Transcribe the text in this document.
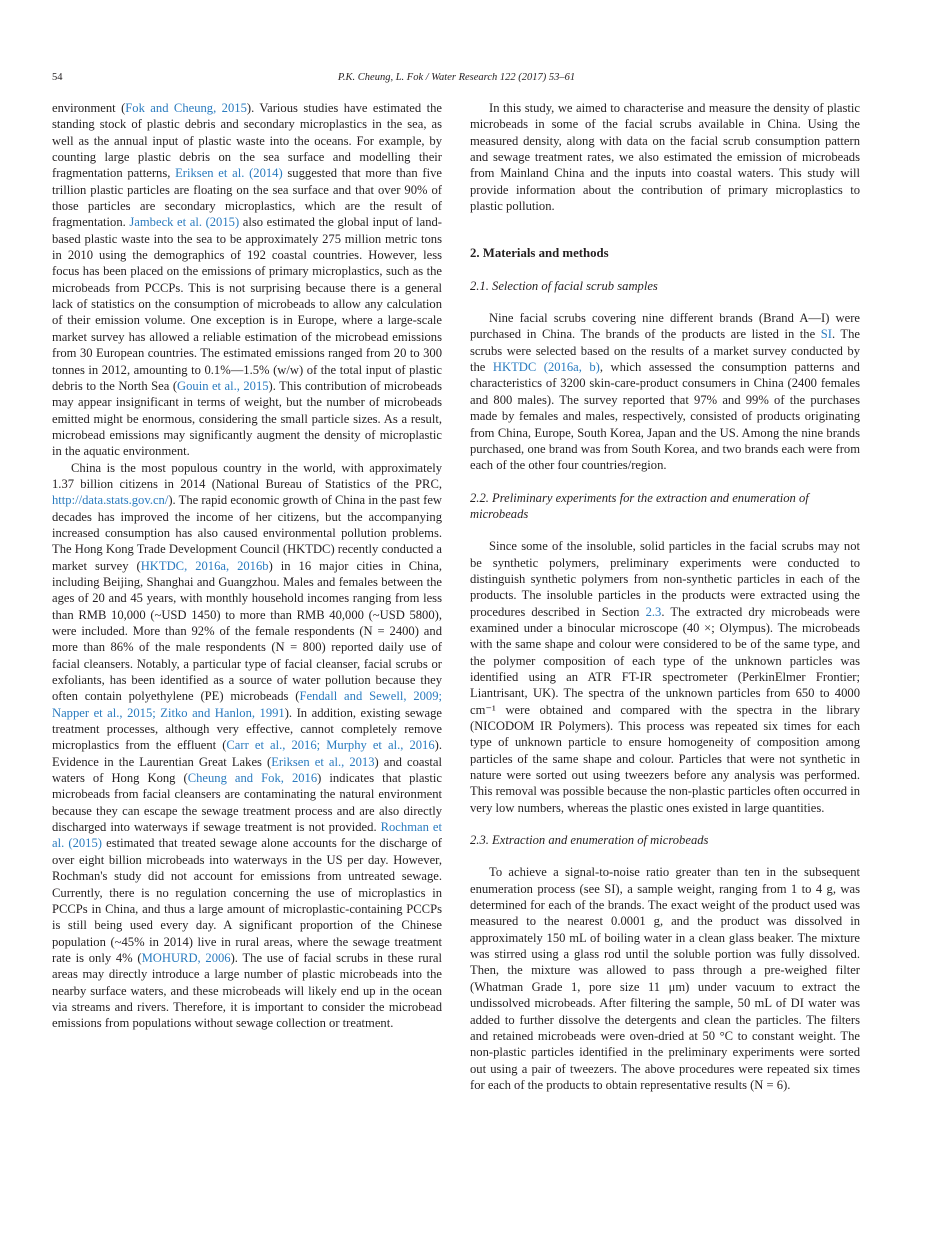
54	P.K. Cheung, L. Fok / Water Research 122 (2017) 53–61

environment (Fok and Cheung, 2015). Various studies have estimated the standing stock of plastic debris and secondary microplastics in the sea, as well as the annual input of plastic waste into the oceans. For example, by counting large plastic debris on the sea surface and modelling their fragmentation patterns, Eriksen et al. (2014) suggested that more than five trillion plastic particles are floating on the sea surface and that over 90% of those particles are secondary microplastics, which are the result of fragmentation. Jambeck et al. (2015) also estimated the global input of land-based plastic waste into the sea to be approximately 275 million metric tons in 2010 using the demographics of 192 coastal countries. However, less focus has been placed on the emissions of primary microplastics, such as the microbeads from PCCPs. This is not surprising because there is a general lack of statistics on the consumption of microbeads to allow any calculation of their emission volume. One exception is in Europe, where a large-scale market survey has allowed a reliable estimation of the microbead emissions from 30 European countries. The estimated emissions ranged from 20 to 300 tonnes in 2012, amounting to 0.1%—1.5% (w/w) of the total input of plastic debris to the North Sea (Gouin et al., 2015). This contribution of microbeads may appear insignificant in terms of weight, but the number of microbeads emitted might be enormous, considering the small particle sizes. As a result, microbead emissions may significantly augment the density of microplastic in the aquatic environment.

China is the most populous country in the world, with approximately 1.37 billion citizens in 2014 (National Bureau of Statistics of the PRC, http://data.stats.gov.cn/). The rapid economic growth of China in the past few decades has improved the income of her citizens, but the accompanying increased consumption has also caused environmental pollution problems. The Hong Kong Trade Development Council (HKTDC) recently conducted a market survey (HKTDC, 2016a, 2016b) in 16 major cities in China, including Beijing, Shanghai and Guangzhou. Males and females between the ages of 20 and 45 years, with monthly household incomes ranging from less than RMB 10,000 (~USD 1450) to more than RMB 40,000 (~USD 5800), were included. More than 92% of the female respondents (N = 2400) and more than 86% of the male respondents (N = 800) reported daily use of facial cleansers. Notably, a particular type of facial cleanser, facial scrubs or exfoliants, has been identified as a source of water pollution because they often contain polyethylene (PE) microbeads (Fendall and Sewell, 2009; Napper et al., 2015; Zitko and Hanlon, 1991). In addition, existing sewage treatment processes, although very effective, cannot completely remove microplastics from the effluent (Carr et al., 2016; Murphy et al., 2016). Evidence in the Laurentian Great Lakes (Eriksen et al., 2013) and coastal waters of Hong Kong (Cheung and Fok, 2016) indicates that plastic microbeads from facial cleansers are contaminating the natural environment because they can escape the sewage treatment process and are also directly discharged into waterways if sewage treatment is not provided. Rochman et al. (2015) estimated that treated sewage alone accounts for the discharge of over eight billion microbeads into waterways in the US per day. However, Rochman's study did not account for emissions from untreated sewage. Currently, there is no regulation concerning the use of microplastics in PCCPs in China, and thus a large amount of microplastic-containing PCCPs is still being used every day. A significant proportion of the Chinese population (~45% in 2014) live in rural areas, where the sewage treatment rate is only 4% (MOHURD, 2006). The use of facial scrubs in these rural areas may directly introduce a large number of plastic microbeads into the nearby surface waters, and these microbeads will likely end up in the ocean via streams and rivers. Therefore, it is important to consider the microbead emissions from populations without sewage collection or treatment.

In this study, we aimed to characterise and measure the density of plastic microbeads in some of the facial scrubs available in China. Using the measured density, along with data on the facial scrub consumption pattern and sewage treatment rates, we also estimated the emission of microbeads from Mainland China and the inputs into coastal waters. This study will provide information about the contribution of primary microplastics to plastic pollution.

2. Materials and methods

2.1. Selection of facial scrub samples

Nine facial scrubs covering nine different brands (Brand A—I) were purchased in China. The brands of the products are listed in the SI. The scrubs were selected based on the results of a market survey conducted by the HKTDC (2016a, b), which assessed the consumption patterns and characteristics of 3200 skin-care-product consumers in China (2400 females and 800 males). The survey reported that 97% and 99% of the purchases made by females and males, respectively, consisted of products originating from China, Europe, South Korea, Japan and the US. Among the nine brands purchased, one brand was from South Korea, and two brands each were from each of the other four countries/region.

2.2. Preliminary experiments for the extraction and enumeration of microbeads

Since some of the insoluble, solid particles in the facial scrubs may not be synthetic polymers, preliminary experiments were conducted to distinguish synthetic polymers from non-synthetic particles in each of the products. The insoluble particles in the products were extracted using the procedures described in Section 2.3. The extracted dry microbeads were examined under a binocular microscope (40 ×; Olympus). The microbeads with the same shape and colour were considered to be of the same type, and the polymer composition of each type of the unknown particles was identified using an ATR FT-IR spectrometer (PerkinElmer Frontier; Liantrisant, UK). The spectra of the unknown particles from 650 to 4000 cm⁻¹ were obtained and compared with the spectra in the library (NICODOM IR Polymers). This process was repeated six times for each type of unknown particle to ensure homogeneity of composition among particles of the same shape and colour. Particles that were not synthetic in nature were sorted out using tweezers before any analysis was performed. This removal was possible because the non-plastic particles often occurred in very low numbers, whereas the plastic ones existed in large quantities.

2.3. Extraction and enumeration of microbeads

To achieve a signal-to-noise ratio greater than ten in the subsequent enumeration process (see SI), a sample weight, ranging from 1 to 4 g, was determined for each of the brands. The exact weight of the product used was measured to the nearest 0.0001 g, and the product was dissolved in approximately 150 mL of boiling water in a clean glass beaker. The mixture was stirred using a glass rod until the soluble portion was fully dissolved. Then, the mixture was allowed to pass through a pre-weighed filter (Whatman Grade 1, pore size 11 μm) under vacuum to extract the undissolved microbeads. After filtering the sample, 50 mL of DI water was added to further dissolve the detergents and clean the particles. The filters and retained microbeads were oven-dried at 50 °C to constant weight. The non-plastic particles identified in the preliminary experiments were sorted out using a pair of tweezers. The above procedures were repeated six times for each of the products to obtain representative results (N = 6).
